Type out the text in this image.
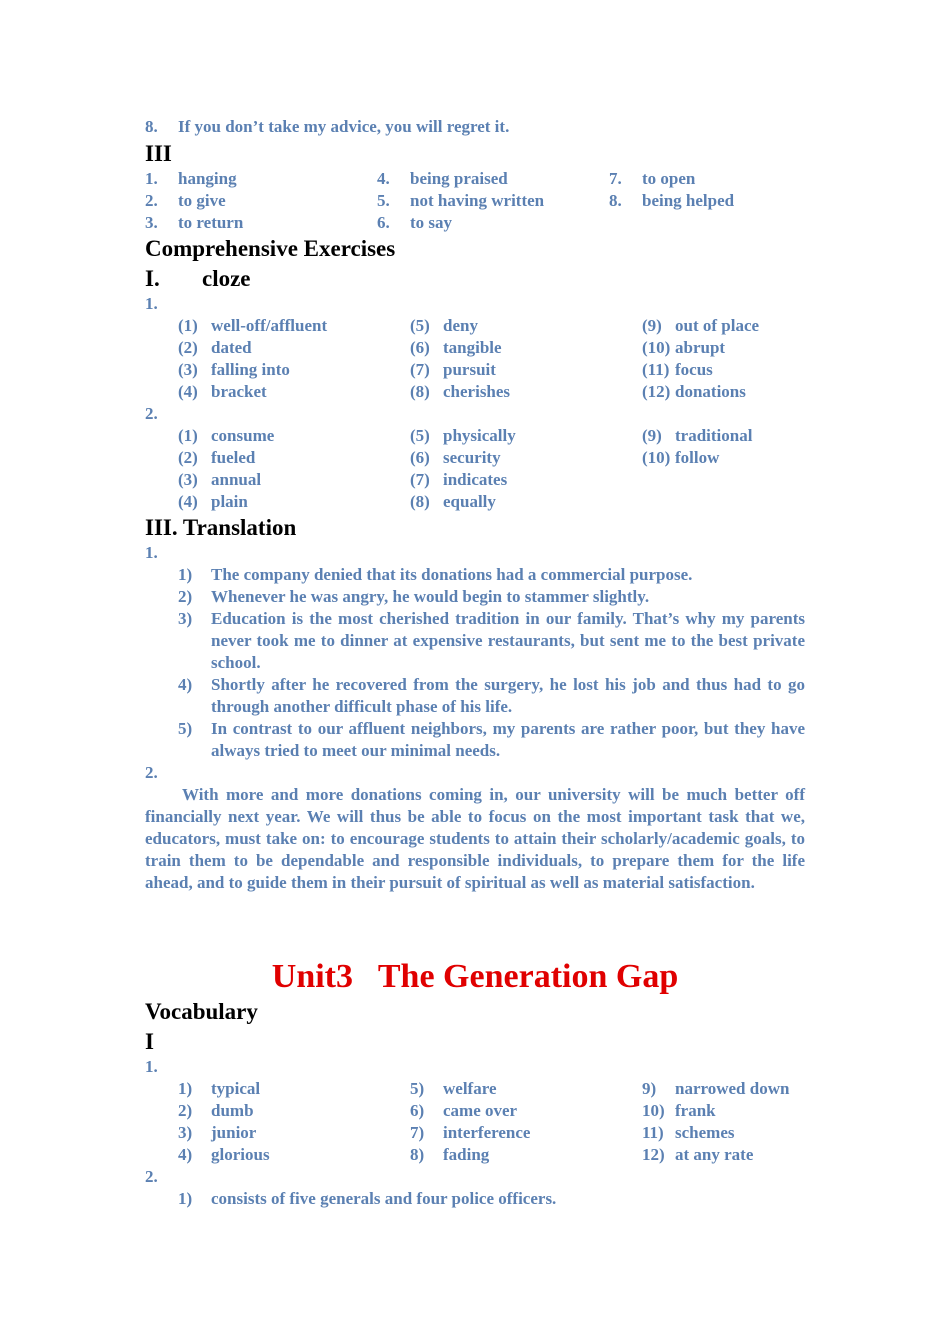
8. If you don’t take my advice, you will regret it.
III
1. hanging
2. to give
3. to return
4. being praised
5. not having written
6. to say
7. to open
8. being helped
Comprehensive Exercises
I. cloze
1.
(1) well-off/affluent
(2) dated
(3) falling into
(4) bracket
(5) deny
(6) tangible
(7) pursuit
(8) cherishes
(9) out of place
(10) abrupt
(11) focus
(12) donations
2.
(1) consume
(2) fueled
(3) annual
(4) plain
(5) physically
(6) security
(7) indicates
(8) equally
(9) traditional
(10) follow
III. Translation
1.
1) The company denied that its donations had a commercial purpose.
2) Whenever he was angry, he would begin to stammer slightly.
3) Education is the most cherished tradition in our family. That’s why my parents never took me to dinner at expensive restaurants, but sent me to the best private school.
4) Shortly after he recovered from the surgery, he lost his job and thus had to go through another difficult phase of his life.
5) In contrast to our affluent neighbors, my parents are rather poor, but they have always tried to meet our minimal needs.
2.
With more and more donations coming in, our university will be much better off financially next year. We will thus be able to focus on the most important task that we, educators, must take on: to encourage students to attain their scholarly/academic goals, to train them to be dependable and responsible individuals, to prepare them for the life ahead, and to guide them in their pursuit of spiritual as well as material satisfaction.
Unit3   The Generation Gap
Vocabulary
I
1.
1) typical
2) dumb
3) junior
4) glorious
5) welfare
6) came over
7) interference
8) fading
9) narrowed down
10) frank
11) schemes
12) at any rate
2.
1) consists of five generals and four police officers.
